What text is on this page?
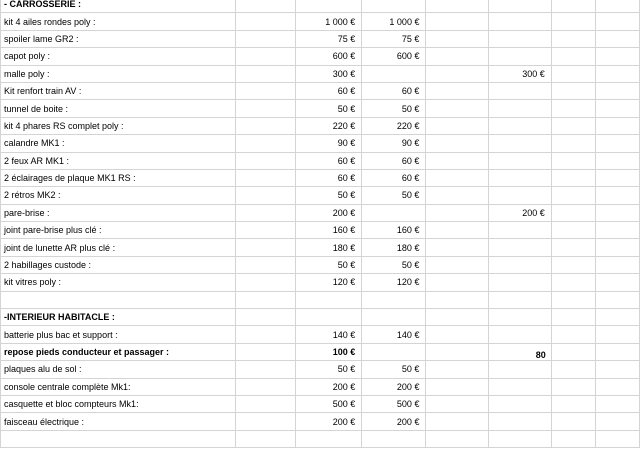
- CARROSSERIE :							
kit 4 ailes rondes poly :		1 000 €	1 000 €				
spoiler lame GR2 :		75 €	75 €				
capot poly :		600 €	600 €				
malle poly :		300 €			300 €		
Kit renfort train AV :		60 €	60 €				
tunnel de boite :		50 €	50 €				
kit 4 phares RS complet poly :		220 €	220 €				
calandre MK1 :		90 €	90 €				
2 feux AR MK1 :		60 €	60 €				
2 éclairages de plaque MK1 RS :		60 €	60 €				
2 rétros MK2 :		50 €	50 €				
pare-brise :		200 €			200 €		
joint pare-brise plus clé :		160 €	160 €				
joint de lunette AR plus clé :		180 €	180 €				
2 habillages custode :		50 €	50 €				
kit vitres poly :		120 €	120 €				

-INTERIEUR HABITACLE :							
batterie plus bac et support :		140 €	140 €				
repose pieds conducteur et passager :		100 €			80		
plaques alu de sol :		50 €	50 €				
console centrale complète Mk1:		200 €	200 €				
casquette et bloc compteurs Mk1:		500 €	500 €				
faisceau électrique :		200 €	200 €				
